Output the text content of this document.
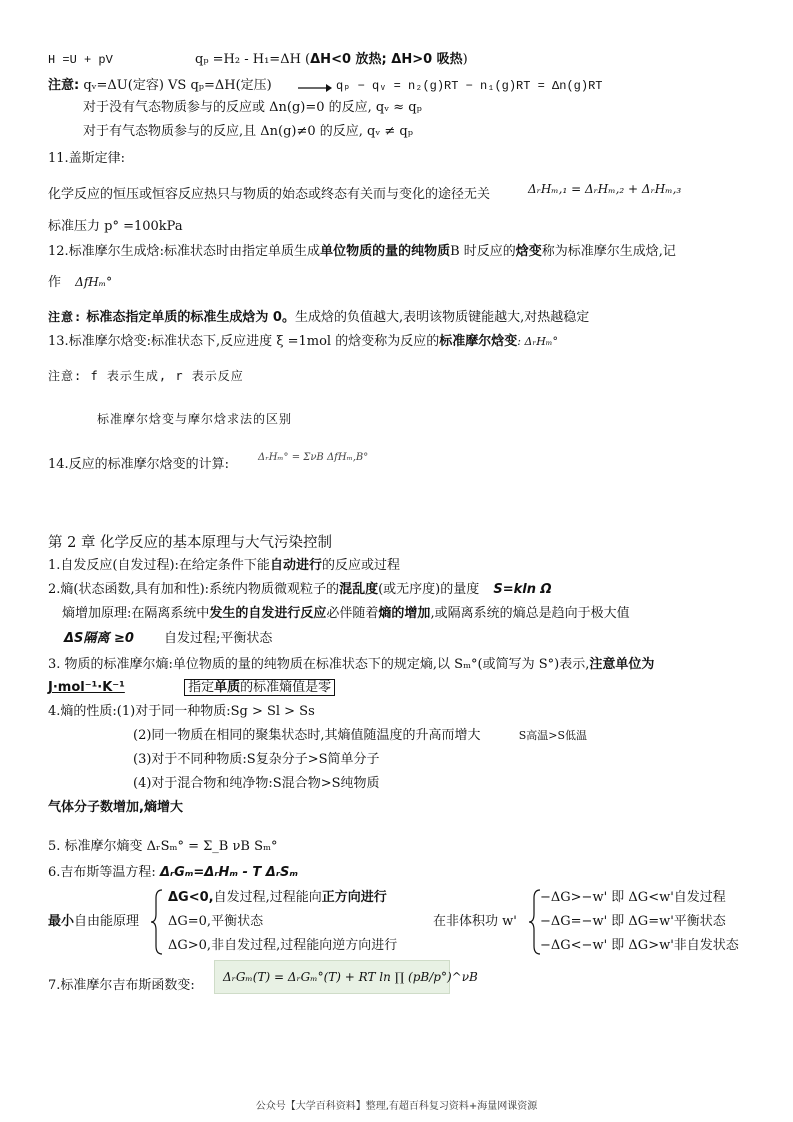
H =U + pV	qₚ =H₂ - H₁=ΔH (ΔH<0 放热; ΔH>0 吸热)
注意: qᵥ=ΔU(定容) VS qₚ=ΔH(定压)	qₚ − qᵥ = n₂(g)RT − n₁(g)RT = Δn(g)RT
对于没有气态物质参与的反应或 Δn(g)=0 的反应, qᵥ ≈ qₚ
对于有气态物质参与的反应,且 Δn(g)≠0 的反应, qᵥ ≠ qₚ
11.盖斯定律:
化学反应的恒压或恒容反应热只与物质的始态或终态有关而与变化的途径无关	ΔᵣHₘ,₁ = ΔᵣHₘ,₂ + ΔᵣHₘ,₃
标准压力 p° =100kPa
12.标准摩尔生成焓:标准状态时由指定单质生成单位物质的量的纯物质B 时反应的焓变称为标准摩尔生成焓,记
作 ΔfHₘ°
注意: 标准态指定单质的标准生成焓为 0。生成焓的负值越大,表明该物质键能越大,对热越稳定
13.标准摩尔焓变:标准状态下,反应进度 ξ =1mol 的焓变称为反应的标准摩尔焓变: ΔᵣHₘ°
注意: f 表示生成, r 表示反应
标准摩尔焓变与摩尔焓求法的区别
14.反应的标准摩尔焓变的计算:	ΔᵣHₘ° = ΣνB ΔfHₘ,B°
第 2 章 化学反应的基本原理与大气污染控制
1.自发反应(自发过程):在给定条件下能自动进行的反应或过程
2.熵(状态函数,具有加和性):系统内物质微观粒子的混乱度(或无序度)的量度 S=kln Ω
熵增加原理:在隔离系统中发生的自发进行反应必伴随着熵的增加,或隔离系统的熵总是趋向于极大值
ΔS隔离 ≥0 自发过程;平衡状态
3. 物质的标准摩尔熵:单位物质的量的纯物质在标准状态下的规定熵,以 Sₘ°(或简写为 S°)表示,注意单位为
J·mol⁻¹·K⁻¹	指定单质的标准熵值是零
4.熵的性质:(1)对于同一种物质:Sg > Sl > Ss
(2)同一物质在相同的聚集状态时,其熵值随温度的升高而增大	S高温>S低温
(3)对于不同种物质:S复杂分子>S简单分子
(4)对于混合物和纯净物:S混合物>S纯物质
气体分子数增加,熵增大
5. 标准摩尔熵变 ΔᵣSₘ° = Σ_B νB Sₘ°
6.吉布斯等温方程: ΔᵣGₘ=ΔᵣHₘ - T ΔᵣSₘ
最小自由能原理
ΔG<0,自发过程,过程能向正方向进行
ΔG=0,平衡状态
ΔG>0,非自发过程,过程能向逆方向进行
在非体积功 w'
−ΔG>−w' 即 ΔG<w'自发过程
−ΔG=−w' 即 ΔG=w'平衡状态
−ΔG<−w' 即 ΔG>w'非自发状态
7.标准摩尔吉布斯函数变:
ΔᵣGₘ(T) = ΔᵣGₘ°(T) + RT ln ∏ (pB/p°)^νB
公众号【大学百科资料】整理,有超百科复习资料+海量网课资源
